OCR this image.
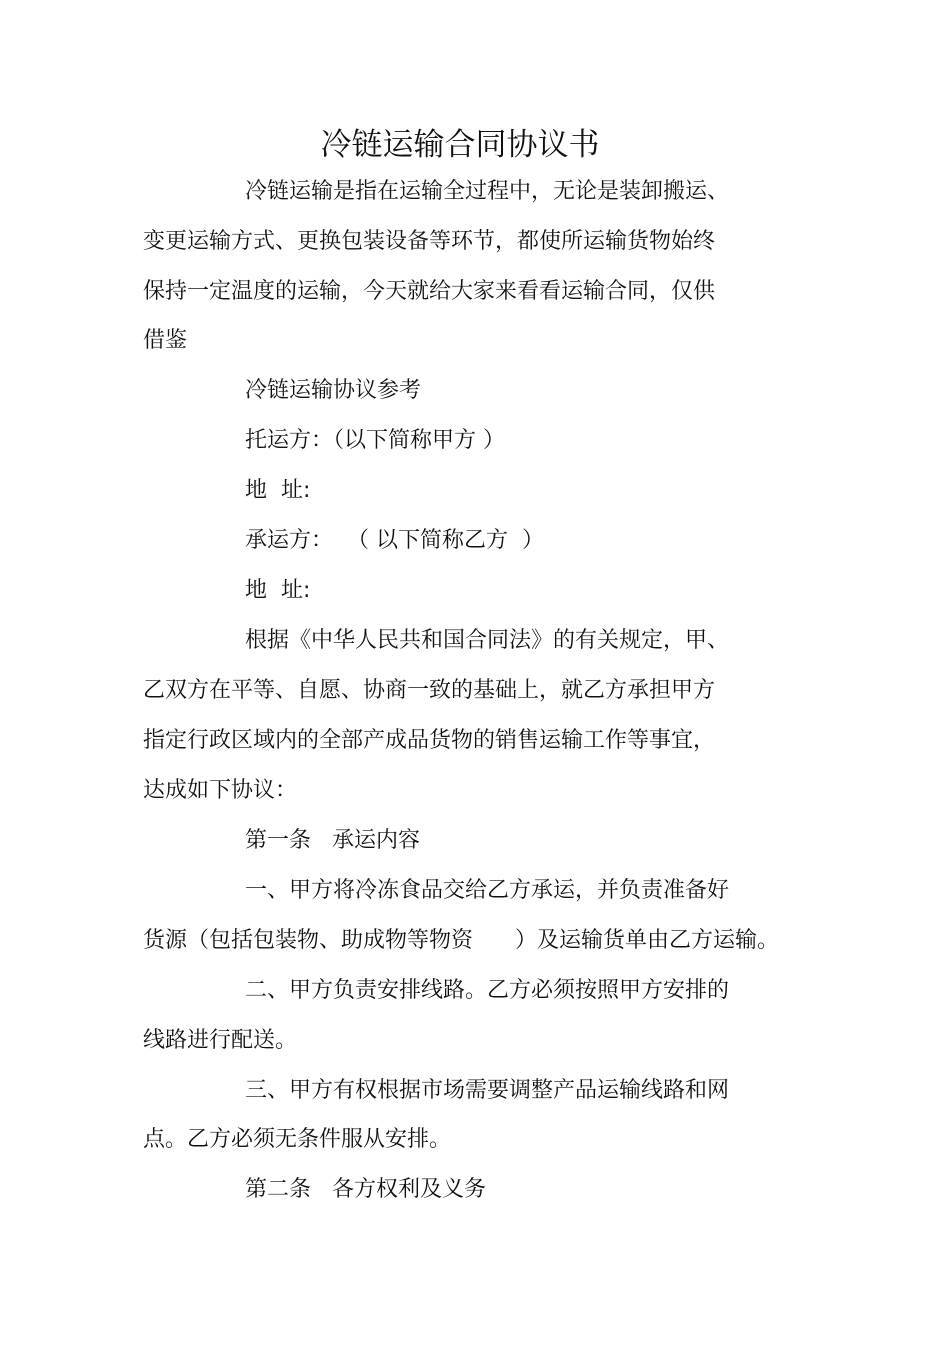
冷链运输合同协议书
冷链运输是指在运输全过程中，无论是装卸搬运、
变更运输方式、更换包装设备等环节，都使所运输货物始终
保持一定温度的运输，今天就给大家来看看运输合同，仅供
借鉴
冷链运输协议参考
托运方：（以下简称甲方 ）
地  址:
承运方：  （ 以下简称乙方  ）
地  址:
根据《中华人民共和国合同法》的有关规定，甲、
乙双方在平等、自愿、协商一致的基础上，就乙方承担甲方
指定行政区域内的全部产成品货物的销售运输工作等事宜，
达成如下协议：
第一条   承运内容
一、甲方将冷冻食品交给乙方承运，并负责准备好
货源（包括包装物、助成物等物资      ）及运输货单由乙方运输。
二、甲方负责安排线路。乙方必须按照甲方安排的
线路进行配送。
三、甲方有权根据市场需要调整产品运输线路和网
点。乙方必须无条件服从安排。
第二条   各方权利及义务
